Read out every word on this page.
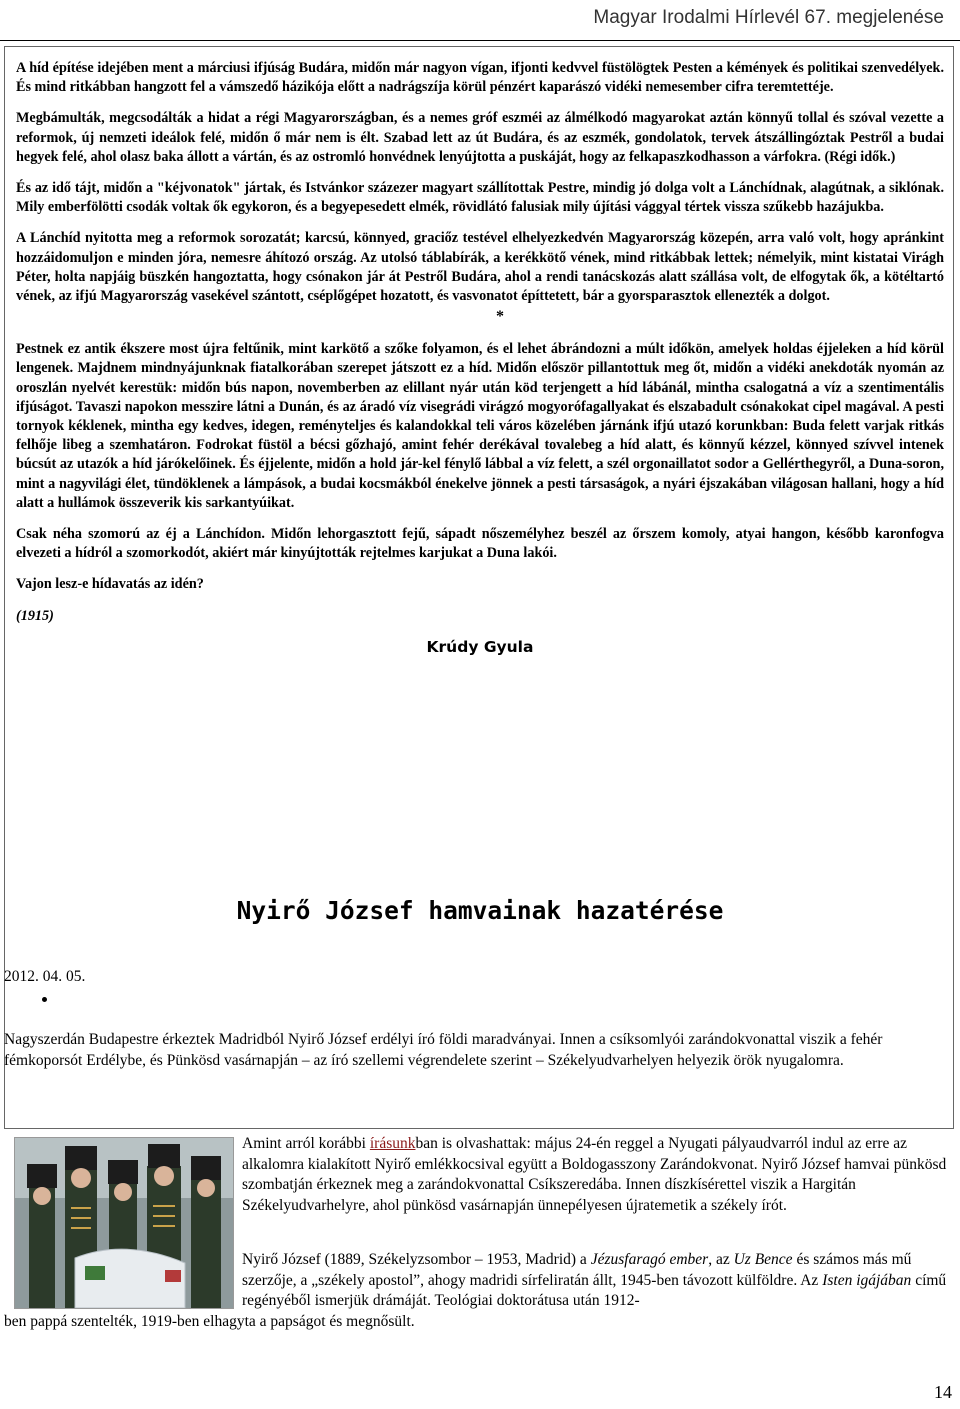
Magyar Irodalmi Hírlevél 67. megjelenése

A híd építése idejében ment a márciusi ifjúság Budára, midőn már nagyon vígan, ifjonti kedvvel füstölögtek Pesten a kémények és politikai szenvedélyek. És mind ritkábban hangzott fel a vámszedő házikója előtt a nadrágszíja körül pénzért kaparászó vidéki nemesember cifra teremtettéje.

Megbámulták, megcsodálták a hidat a régi Magyarországban, és a nemes gróf eszméi az álmélkodó magyarokat aztán könnyű tollal és szóval vezette a reformok, új nemzeti ideálok felé, midőn ő már nem is élt. Szabad lett az út Budára, és az eszmék, gondolatok, tervek átszállingóztak Pestről a budai hegyek felé, ahol olasz baka állott a vártán, és az ostromló honvédnek lenyújtotta a puskáját, hogy az felkapaszkodhasson a várfokra. (Régi idők.)

És az idő tájt, midőn a "kéjvonatok" jártak, és Istvánkor százezer magyart szállítottak Pestre, mindig jó dolga volt a Lánchídnak, alagútnak, a siklónak. Mily emberfölötti csodák voltak ők egykoron, és a begyepesedett elmék, rövidlátó falusiak mily újítási vággyal tértek vissza szűkebb hazájukba.

A Lánchíd nyitotta meg a reformok sorozatát; karcsú, könnyed, graciőz testével elhelyezkedvén Magyarország közepén, arra való volt, hogy apránkint hozzáidomuljon e minden jóra, nemesre áhítozó ország. Az utolsó táblabírák, a kerékkötő vének, mind ritkábbak lettek; némelyik, mint kistatai Virágh Péter, holta napjáig büszkén hangoztatta, hogy csónakon jár át Pestről Budára, ahol a rendi tanácskozás alatt szállása volt, de elfogytak ők, a kötéltartó vének, az ifjú Magyarország vasekével szántott, cséplőgépet hozatott, és vasvonatot építtetett, bár a gyorsparasztok ellenezték a dolgot.

*

Pestnek ez antik ékszere most újra feltűnik, mint karkötő a szőke folyamon, és el lehet ábrándozni a múlt időkön, amelyek holdas éjjeleken a híd körül lengenek. Majdnem mindnyájunknak fiatalkorában szerepet játszott ez a híd. Midőn először pillantottuk meg őt, midőn a vidéki anekdoták nyomán az oroszlán nyelvét kerestük: midőn bús napon, novemberben az elillant nyár után köd terjengett a híd lábánál, mintha csalogatná a víz a szentimentális ifjúságot. Tavaszi napokon messzire látni a Dunán, és az áradó víz visegrádi virágzó mogyorófagallyakat és elszabadult csónakokat cipel magával. A pesti tornyok kéklenek, mintha egy kedves, idegen, reményteljes és kalandokkal teli város közelében járnánk ifjú utazó korunkban: Buda felett varjak ritkás felhője libeg a szemhatáron. Fodrokat füstöl a bécsi gőzhajó, amint fehér derékával tovalebeg a híd alatt, és könnyű kézzel, könnyed szívvel intenek búcsút az utazók a híd járókelőinek. És éjjelente, midőn a hold jár-kel fénylő lábbal a víz felett, a szél orgonaillatot sodor a Gellérthegyről, a Duna-soron, mint a nagyvilági élet, tündöklenek a lámpások, a budai kocsmákból énekelve jönnek a pesti társaságok, a nyári éjszakában világosan hallani, hogy a híd alatt a hullámok összeverik kis sarkantyúikat.

Csak néha szomorú az éj a Lánchídon. Midőn lehorgasztott fejű, sápadt nőszemélyhez beszél az őrszem komoly, atyai hangon, később karonfogva elvezeti a hídról a szomorkodót, akiért már kinyújtották rejtelmes karjukat a Duna lakói.

Vajon lesz-e hídavatás az idén?

(1915)

Krúdy Gyula

Nyirő József hamvainak hazatérése
2012. 04. 05.
Nagyszerdán Budapestre érkeztek Madridból Nyirő József erdélyi író földi maradványai. Innen a csíksomlyói zarándokvonattal viszik a fehér fémkoporsót Erdélybe, és Pünkösd vasárnapján – az író szellemi végrendelete szerint – Székelyudvarhelyen helyezik örök nyugalomra.

Amint arról korábbi írásunkban is olvashattak: május 24-én reggel a Nyugati pályaudvarról indul az erre az alkalomra kialakított Nyirő emlékkocsival együtt a Boldogasszony Zarándokvonat. Nyirő József hamvai pünkösd szombatján érkeznek meg a zarándokvonattal Csíkszeredába. Innen díszkísérettel viszik a Hargitán Székelyudvarhelyre, ahol pünkösd vasárnapján ünnepélyesen újratemetik a székely írót.

Nyirő József (1889, Székelyzsombor – 1953, Madrid) a Jézusfaragó ember, az Uz Bence és számos más mű szerzője, a „székely apostol”, ahogy madridi sírfeliratán állt, 1945-ben távozott külföldre. Az Isten igájában című regényéből ismerjük drámáját. Teológiai doktorátusa után 1912-

ben pappá szentelték, 1919-ben elhagyta a papságot és megnősült.
14
